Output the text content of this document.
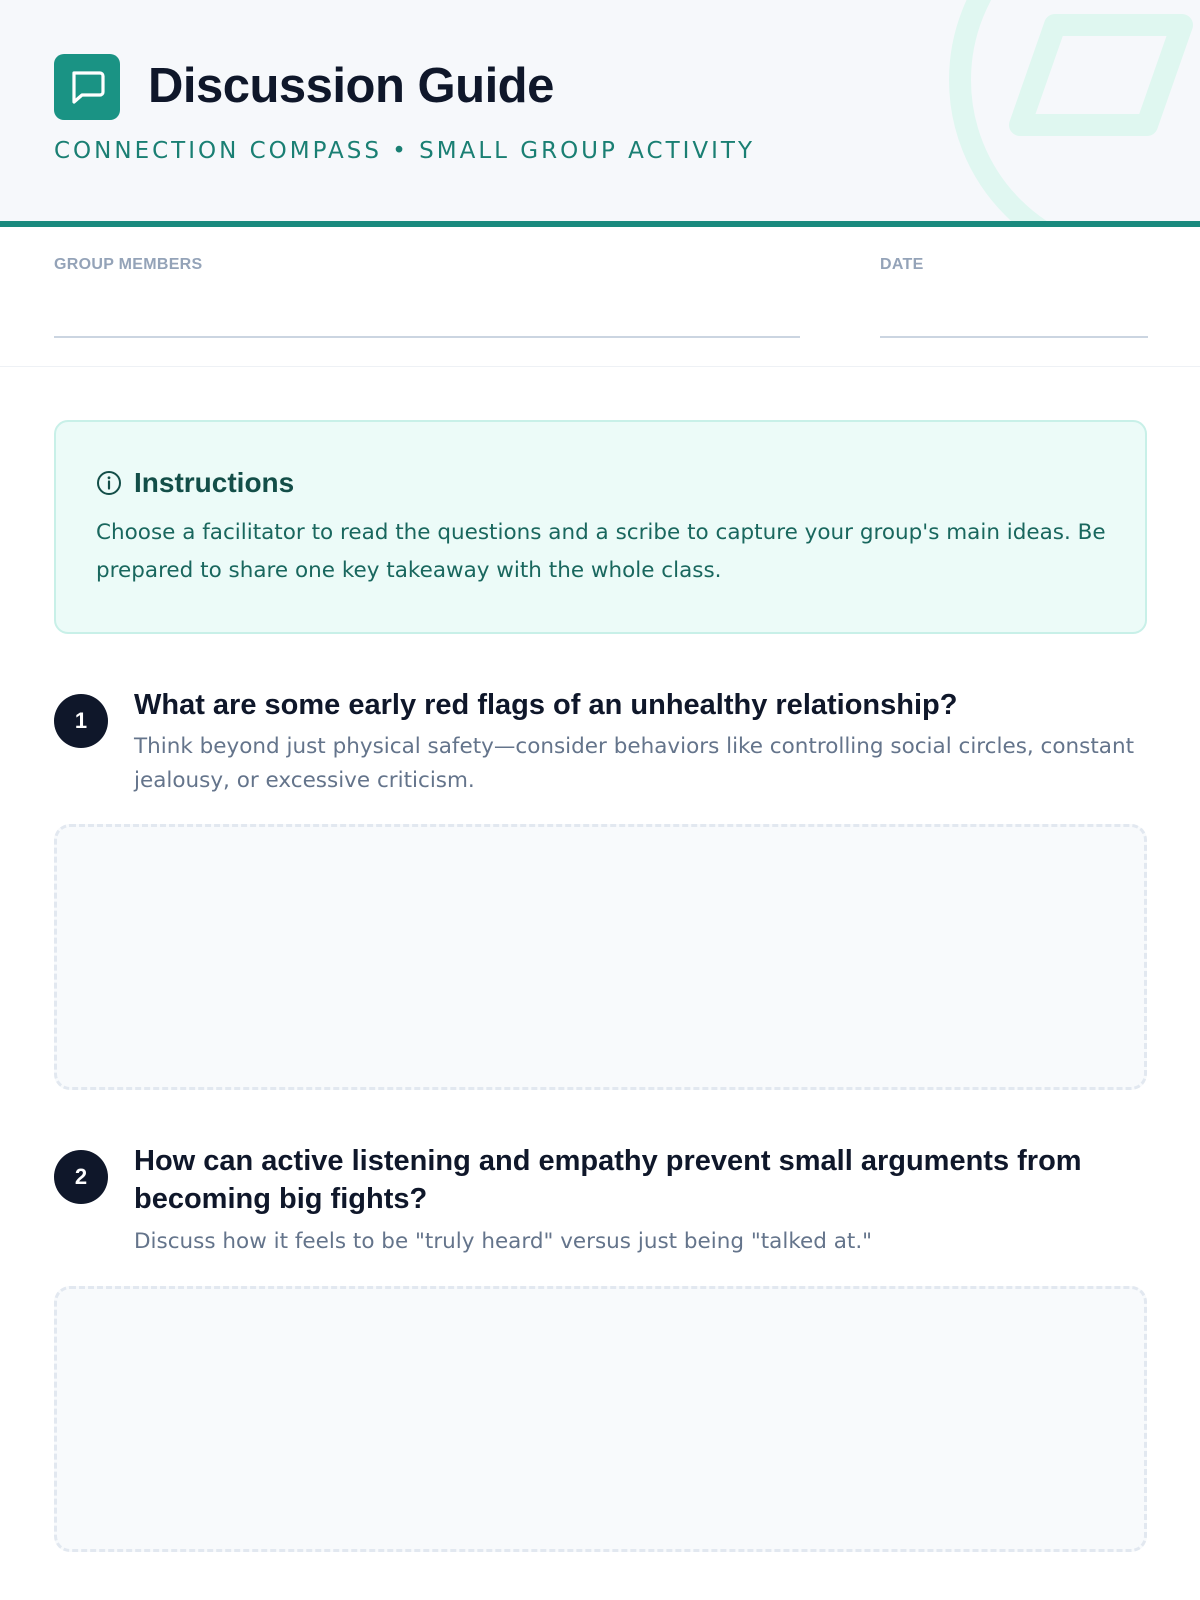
Discussion Guide
CONNECTION COMPASS • SMALL GROUP ACTIVITY
GROUP MEMBERS	DATE
Instructions

Choose a facilitator to read the questions and a scribe to capture your group's main ideas. Be prepared to share one key takeaway with the whole class.

1	What are some early red flags of an unhealthy relationship?
Think beyond just physical safety—consider behaviors like controlling social circles, constant jealousy, or excessive criticism.
2	How can active listening and empathy prevent small arguments from becoming big fights?
Discuss how it feels to be "truly heard" versus just being "talked at."
